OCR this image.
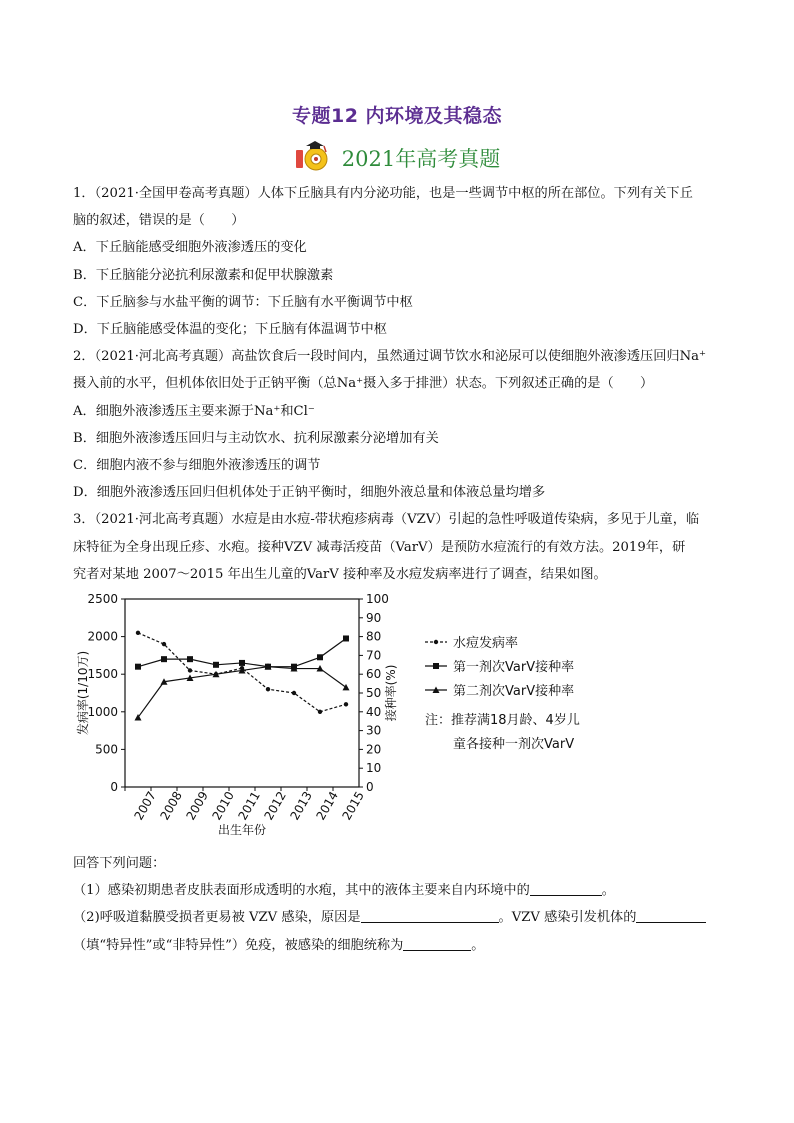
专题12 内环境及其稳态
2021年高考真题
1．（2021·全国甲卷高考真题）人体下丘脑具有内分泌功能，也是一些调节中枢的所在部位。下列有关下丘
脑的叙述，错误的是（　　）
A．下丘脑能感受细胞外液渗透压的变化
B．下丘脑能分泌抗利尿激素和促甲状腺激素
C．下丘脑参与水盐平衡的调节：下丘脑有水平衡调节中枢
D．下丘脑能感受体温的变化；下丘脑有体温调节中枢
2．（2021·河北高考真题）高盐饮食后一段时间内，虽然通过调节饮水和泌尿可以使细胞外液渗透压回归Na⁺
摄入前的水平，但机体依旧处于正钠平衡（总Na⁺摄入多于排泄）状态。下列叙述正确的是（　　）
A．细胞外液渗透压主要来源于Na⁺和Cl⁻
B．细胞外液渗透压回归与主动饮水、抗利尿激素分泌增加有关
C．细胞内液不参与细胞外液渗透压的调节
D．细胞外液渗透压回归但机体处于正钠平衡时，细胞外液总量和体液总量均增多
3．（2021·河北高考真题）水痘是由水痘-带状疱疹病毒（VZV）引起的急性呼吸道传染病，多见于儿童，临
床特征为全身出现丘疹、水疱。接种VZV 减毒活疫苗（VarV）是预防水痘流行的有效方法。2019年，研
究者对某地 2007～2015 年出生儿童的VarV 接种率及水痘发病率进行了调查，结果如图。
0
500
1000
1500
2000
2500
0
10
20
30
40
50
60
70
80
90
100
2007
2008
2009
2010
2011
2012
2013
2014
2015
出生年份
发病率(1/10万)	接种率(%)
水痘发病率
第一剂次VarV接种率
第二剂次VarV接种率
注：推荐满18月龄、4岁儿
童各接种一剂次VarV
回答下列问题：
（1）感染初期患者皮肤表面形成透明的水疱，其中的液体主要来自内环境中的	。
（2)呼吸道黏膜受损者更易被 VZV 感染，原因是	。VZV 感染引发机体的
（填“特异性”或“非特异性”）免疫，被感染的细胞统称为	。
